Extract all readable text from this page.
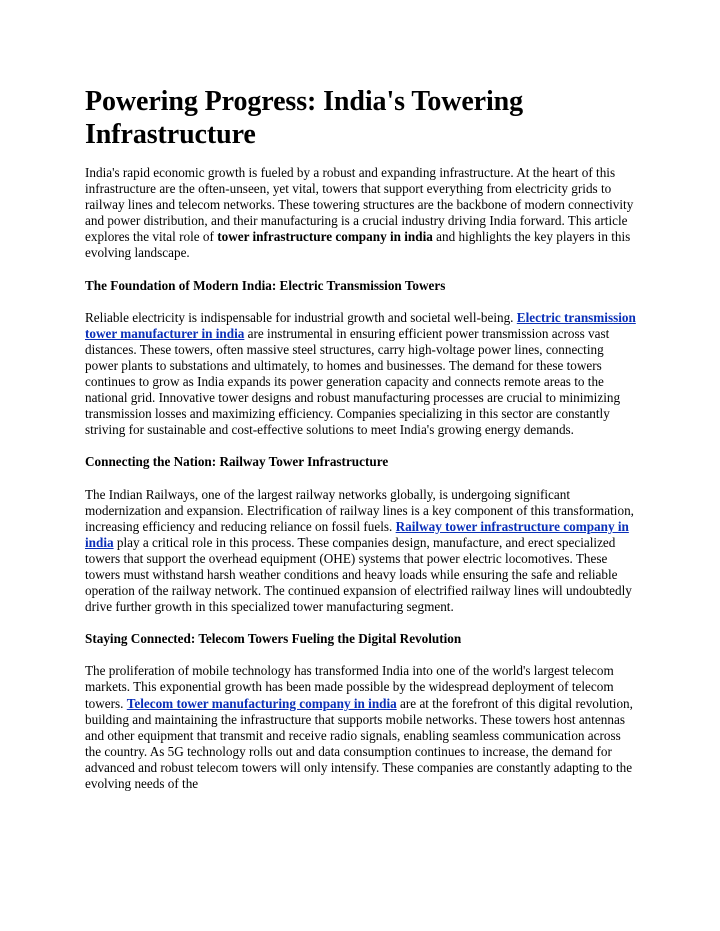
Powering Progress: India's Towering Infrastructure

India's rapid economic growth is fueled by a robust and expanding infrastructure. At the heart of this infrastructure are the often-unseen, yet vital, towers that support everything from electricity grids to railway lines and telecom networks. These towering structures are the backbone of modern connectivity and power distribution, and their manufacturing is a crucial industry driving India forward. This article explores the vital role of tower infrastructure company in india and highlights the key players in this evolving landscape.

The Foundation of Modern India: Electric Transmission Towers

Reliable electricity is indispensable for industrial growth and societal well-being. Electric transmission tower manufacturer in india are instrumental in ensuring efficient power transmission across vast distances. These towers, often massive steel structures, carry high-voltage power lines, connecting power plants to substations and ultimately, to homes and businesses. The demand for these towers continues to grow as India expands its power generation capacity and connects remote areas to the national grid. Innovative tower designs and robust manufacturing processes are crucial to minimizing transmission losses and maximizing efficiency. Companies specializing in this sector are constantly striving for sustainable and cost-effective solutions to meet India's growing energy demands.

Connecting the Nation: Railway Tower Infrastructure

The Indian Railways, one of the largest railway networks globally, is undergoing significant modernization and expansion. Electrification of railway lines is a key component of this transformation, increasing efficiency and reducing reliance on fossil fuels. Railway tower infrastructure company in india play a critical role in this process. These companies design, manufacture, and erect specialized towers that support the overhead equipment (OHE) systems that power electric locomotives. These towers must withstand harsh weather conditions and heavy loads while ensuring the safe and reliable operation of the railway network. The continued expansion of electrified railway lines will undoubtedly drive further growth in this specialized tower manufacturing segment.

Staying Connected: Telecom Towers Fueling the Digital Revolution

The proliferation of mobile technology has transformed India into one of the world's largest telecom markets. This exponential growth has been made possible by the widespread deployment of telecom towers. Telecom tower manufacturing company in india are at the forefront of this digital revolution, building and maintaining the infrastructure that supports mobile networks. These towers host antennas and other equipment that transmit and receive radio signals, enabling seamless communication across the country. As 5G technology rolls out and data consumption continues to increase, the demand for advanced and robust telecom towers will only intensify. These companies are constantly adapting to the evolving needs of the
